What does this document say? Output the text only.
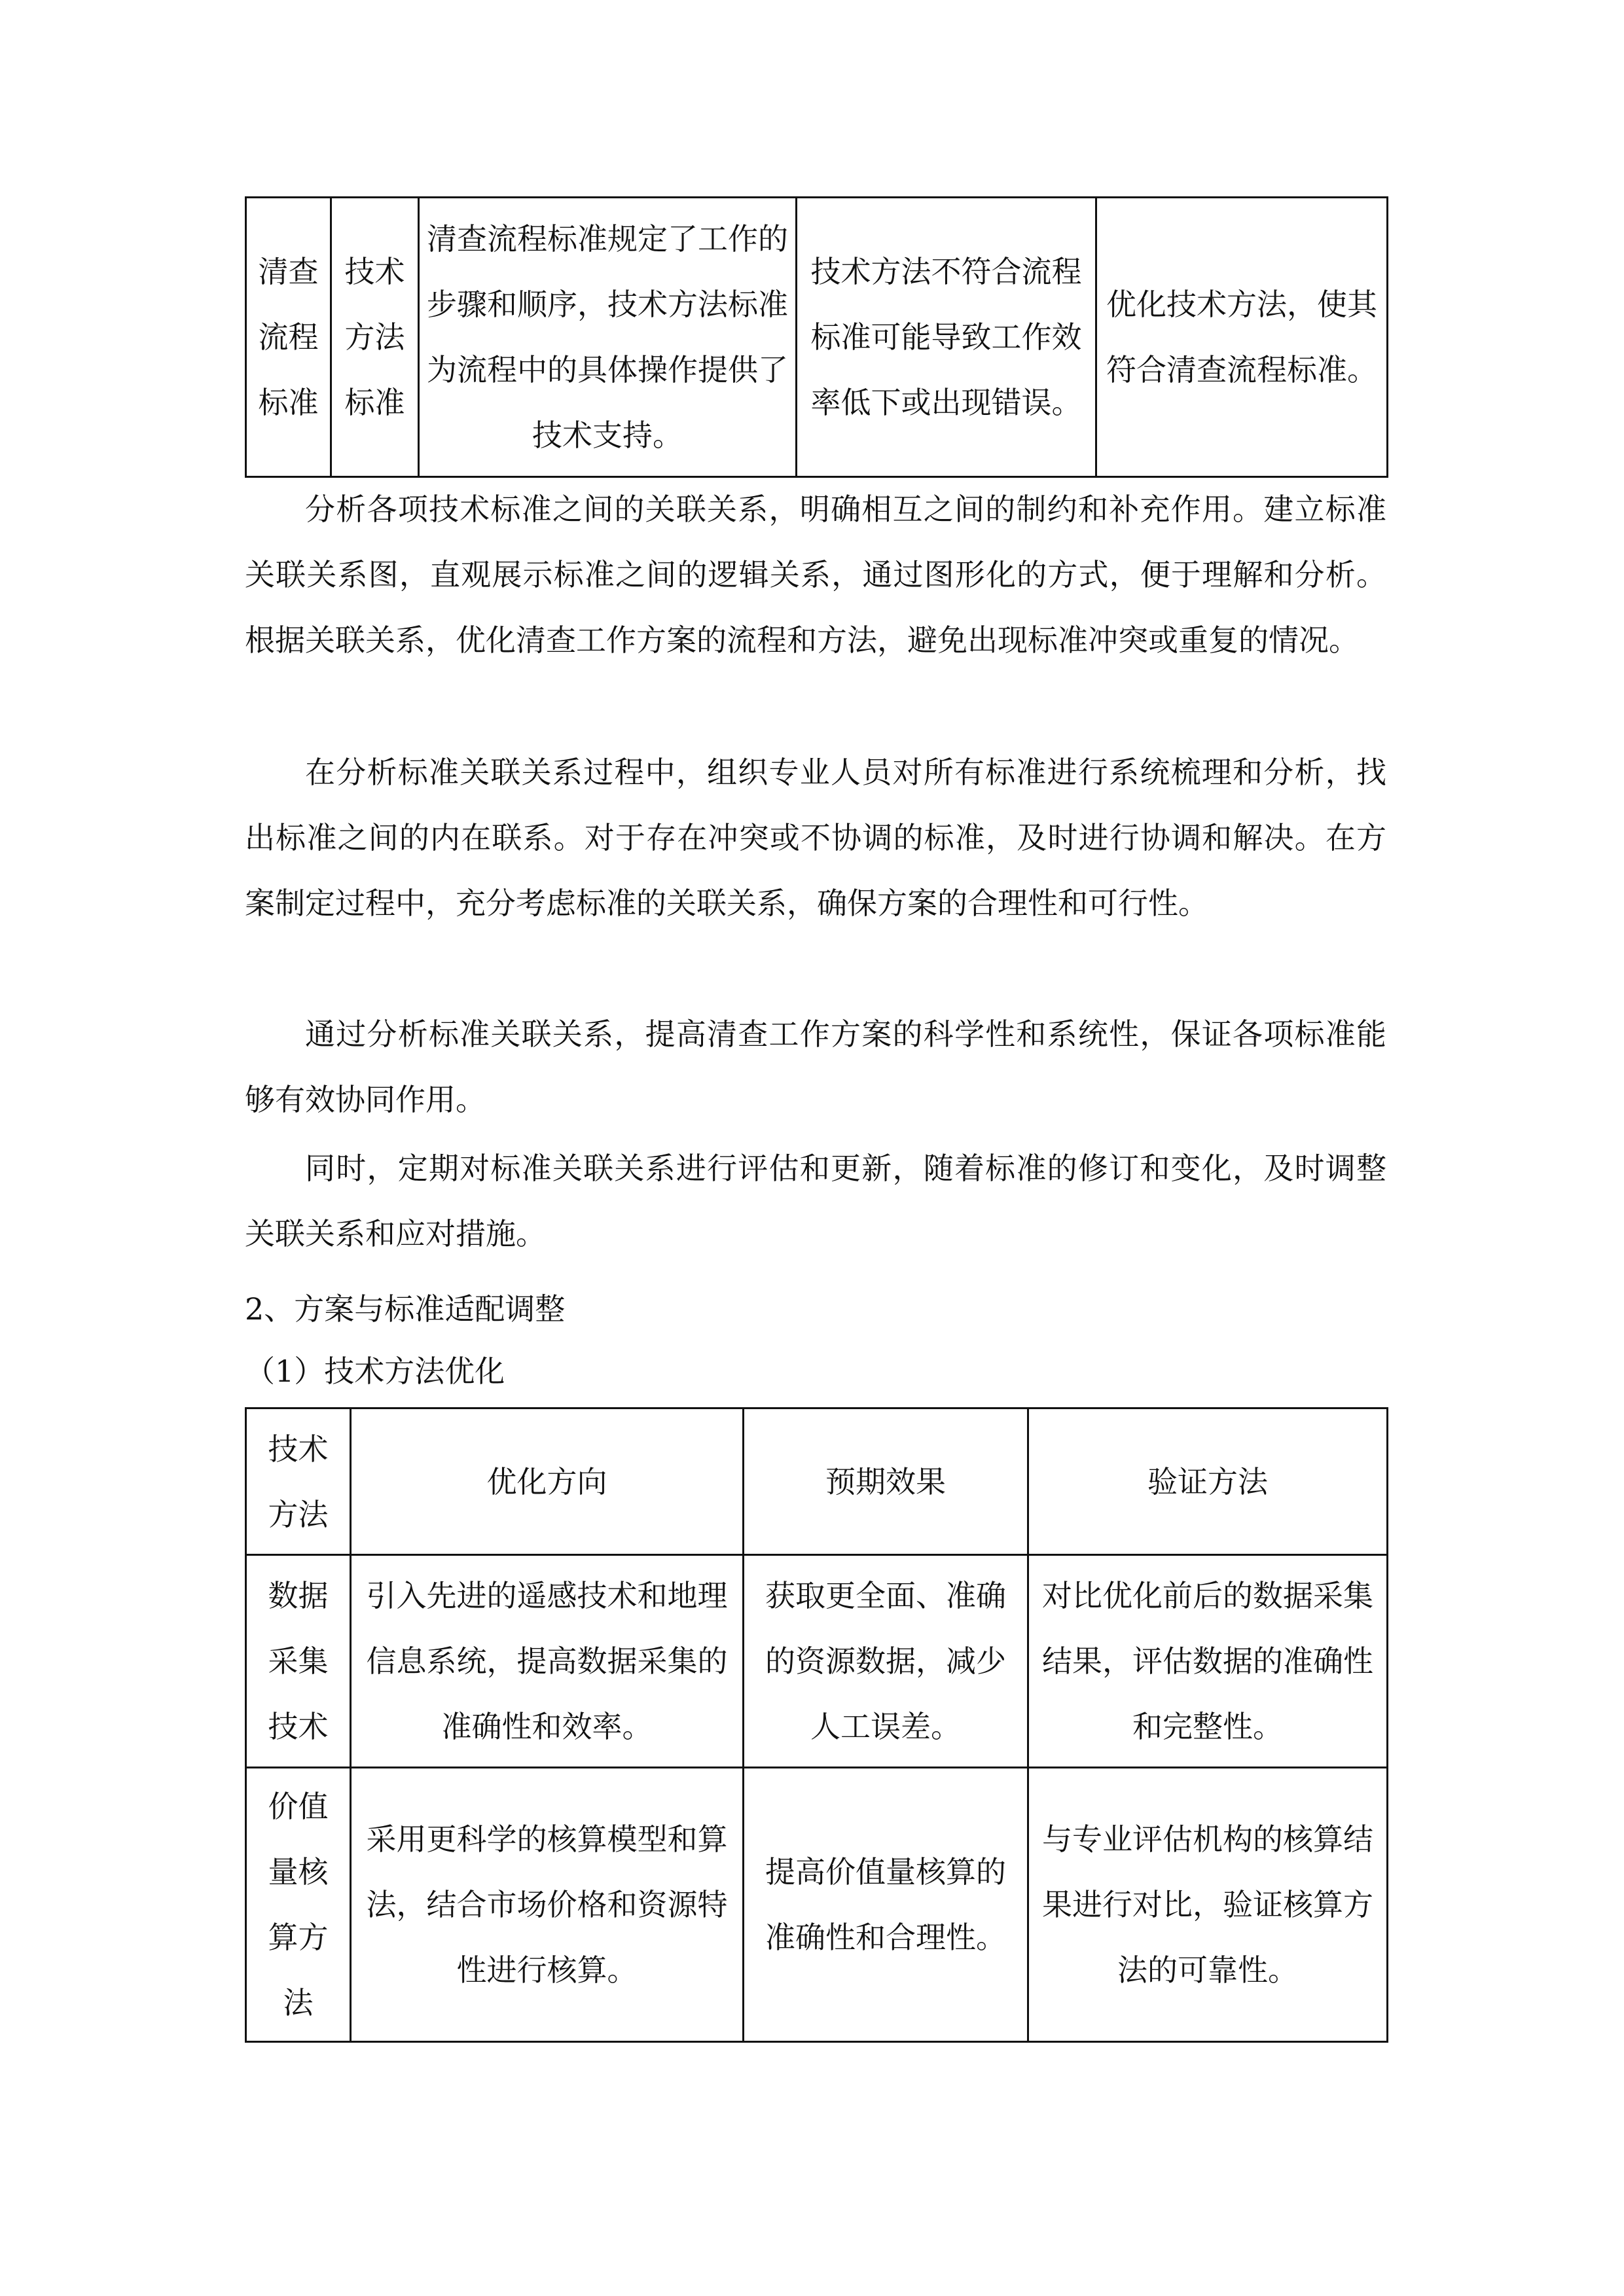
清查流程标准	技术方法标准	清查流程标准规定了工作的步骤和顺序，技术方法标准为流程中的具体操作提供了技术支持。	技术方法不符合流程标准可能导致工作效率低下或出现错误。	优化技术方法，使其符合清查流程标准。

分析各项技术标准之间的关联关系，明确相互之间的制约和补充作用。建立标准关联关系图，直观展示标准之间的逻辑关系，通过图形化的方式，便于理解和分析。根据关联关系，优化清查工作方案的流程和方法，避免出现标准冲突或重复的情况。

在分析标准关联关系过程中，组织专业人员对所有标准进行系统梳理和分析，找出标准之间的内在联系。对于存在冲突或不协调的标准，及时进行协调和解决。在方案制定过程中，充分考虑标准的关联关系，确保方案的合理性和可行性。

通过分析标准关联关系，提高清查工作方案的科学性和系统性，保证各项标准能够有效协同作用。

同时，定期对标准关联关系进行评估和更新，随着标准的修订和变化，及时调整关联关系和应对措施。

2、方案与标准适配调整
（1）技术方法优化
技术方法	优化方向	预期效果	验证方法
数据采集技术	引入先进的遥感技术和地理信息系统，提高数据采集的准确性和效率。	获取更全面、准确的资源数据，减少人工误差。	对比优化前后的数据采集结果，评估数据的准确性和完整性。
价值量核算方法	采用更科学的核算模型和算法，结合市场价格和资源特性进行核算。	提高价值量核算的准确性和合理性。	与专业评估机构的核算结果进行对比，验证核算方法的可靠性。
